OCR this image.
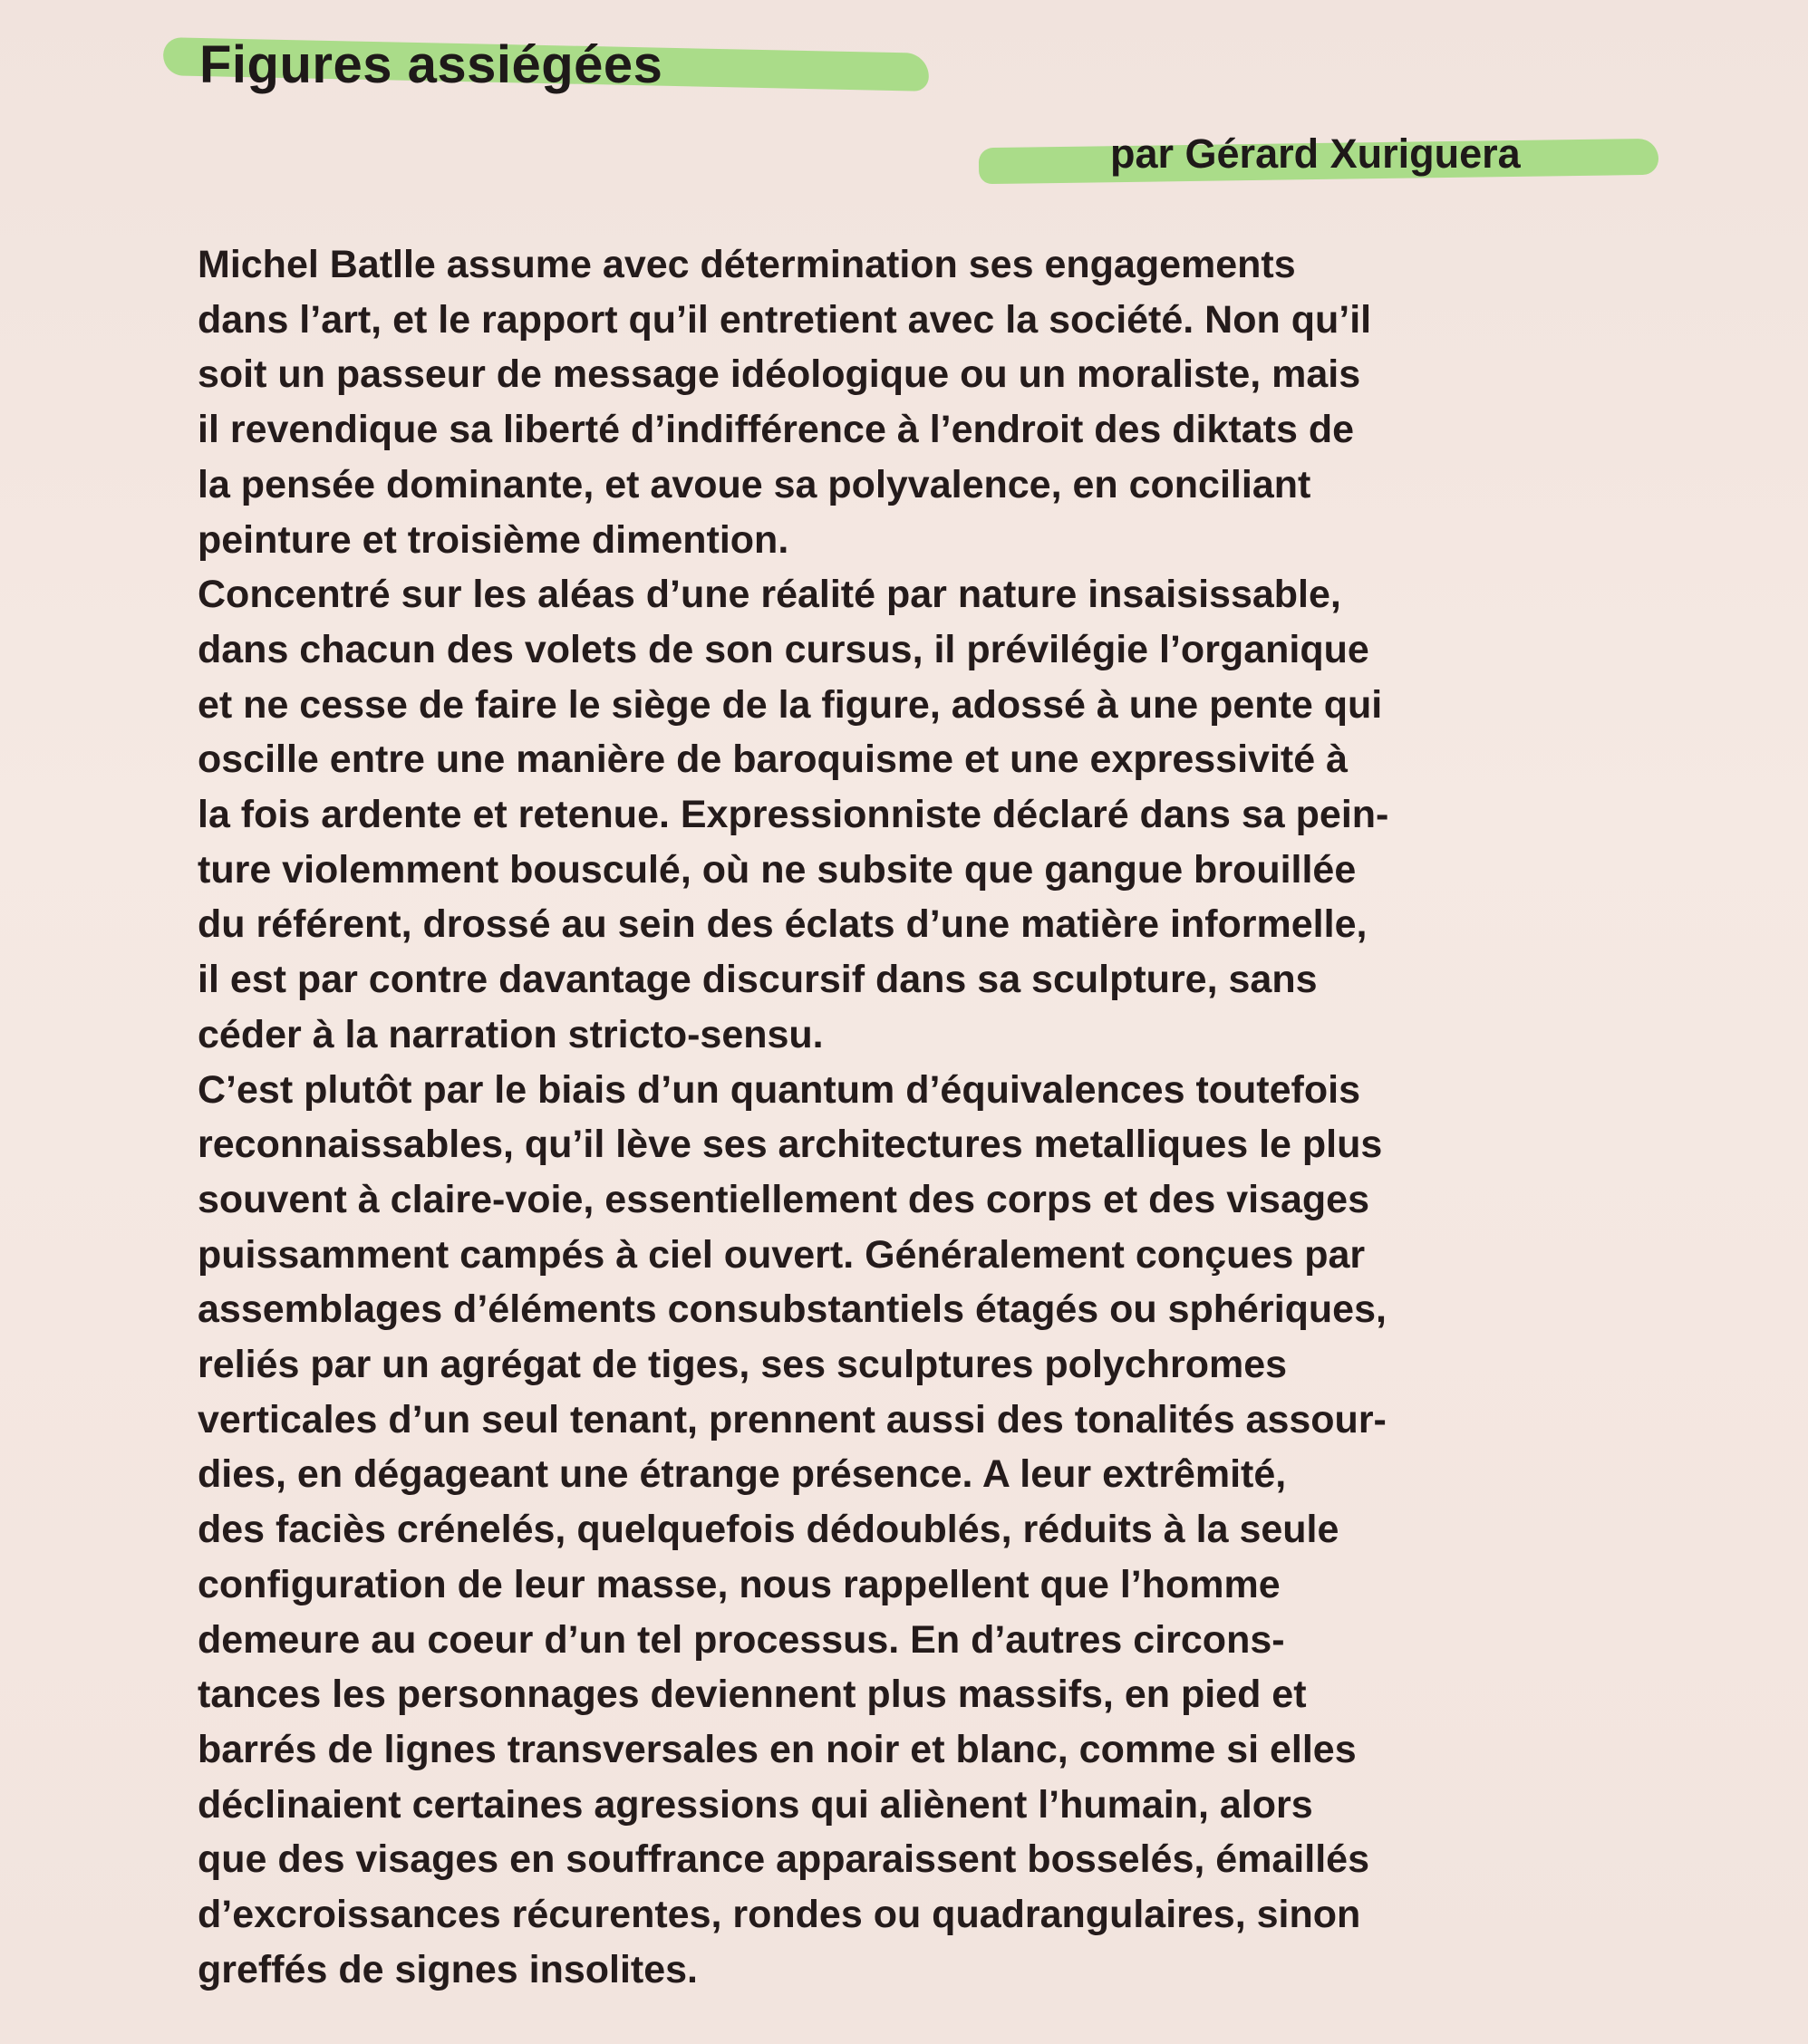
Figures assiégées

par Gérard Xuriguera

Michel Batlle assume avec détermination ses engagements
dans l’art, et le rapport qu’il entretient avec la société. Non qu’il
soit un passeur de message idéologique ou un moraliste, mais
il revendique sa liberté d’indifférence à l’endroit des diktats de
la pensée dominante, et avoue sa polyvalence, en conciliant
peinture et troisième dimention.
Concentré sur les aléas d’une réalité par nature insaisissable,
dans chacun des volets de son cursus, il prévilégie l’organique
et ne cesse de faire le siège de la figure, adossé à une pente qui
oscille entre une manière de baroquisme et une expressivité à
la fois ardente et retenue. Expressionniste déclaré dans sa pein-
ture violemment bousculé, où ne subsite que gangue brouillée
du référent, drossé au sein des éclats d’une matière informelle,
il est par contre davantage discursif dans sa sculpture, sans
céder à la narration stricto-sensu.
C’est plutôt par le biais d’un quantum d’équivalences toutefois
reconnaissables, qu’il lève ses architectures metalliques le plus
souvent à claire-voie, essentiellement des corps et des visages
puissamment campés à ciel ouvert. Généralement conçues par
assemblages d’éléments consubstantiels étagés ou sphériques,
reliés par un agrégat de tiges, ses sculptures polychromes
verticales d’un seul tenant, prennent aussi des tonalités assour-
dies, en dégageant une étrange présence. A leur extrêmité,
des faciès crénelés, quelquefois dédoublés, réduits à la seule
configuration de leur masse, nous rappellent que l’homme
demeure au coeur d’un tel processus. En d’autres circons-
tances les personnages deviennent plus massifs, en pied et
barrés de lignes transversales en noir et blanc, comme si elles
déclinaient certaines agressions qui aliènent l’humain, alors
que des visages en souffrance apparaissent bosselés, émaillés
d’excroissances récurentes, rondes ou quadrangulaires, sinon
greffés de signes insolites.
